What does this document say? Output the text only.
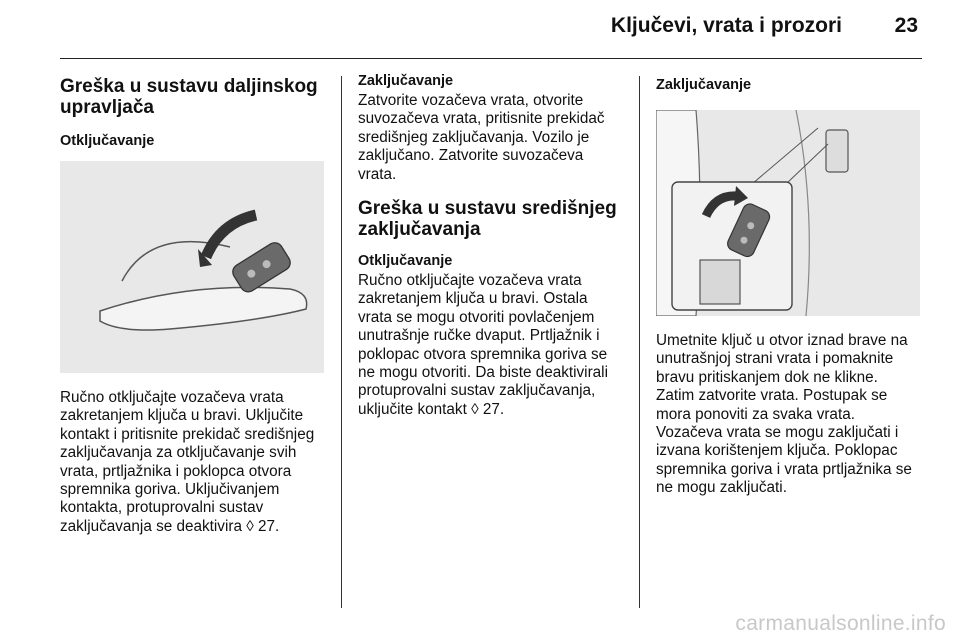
Ključevi, vrata i prozori	23
Greška u sustavu daljinskog upravljača
Otključavanje

Ručno otključajte vozačeva vrata zakretanjem ključa u bravi. Uključite kontakt i pritisnite prekidač središnjeg zaključavanja za otključavanje svih vrata, prtljažnika i poklopca otvora spremnika goriva. Uključivanjem kontakta, protuprovalni sustav zaključavanja se deaktivira ◊ 27.

Zaključavanje

Zatvorite vozačeva vrata, otvorite suvozačeva vrata, pritisnite prekidač središnjeg zaključavanja. Vozilo je zaključano. Zatvorite suvozačeva vrata.

Greška u sustavu središnjeg zaključavanja
Otključavanje

Ručno otključajte vozačeva vrata zakretanjem ključa u bravi. Ostala vrata se mogu otvoriti povlačenjem unutrašnje ručke dvaput. Prtljažnik i poklopac otvora spremnika goriva se ne mogu otvoriti. Da biste deaktivirali protuprovalni sustav zaključavanja, uključite kontakt ◊ 27.

Zaključavanje

Umetnite ključ u otvor iznad brave na unutrašnjoj strani vrata i pomaknite bravu pritiskanjem dok ne klikne. Zatim zatvorite vrata. Postupak se mora ponoviti za svaka vrata. Vozačeva vrata se mogu zaključati i izvana korištenjem ključa. Poklopac spremnika goriva i vrata prtljažnika se ne mogu zaključati.

carmanualsonline.info
